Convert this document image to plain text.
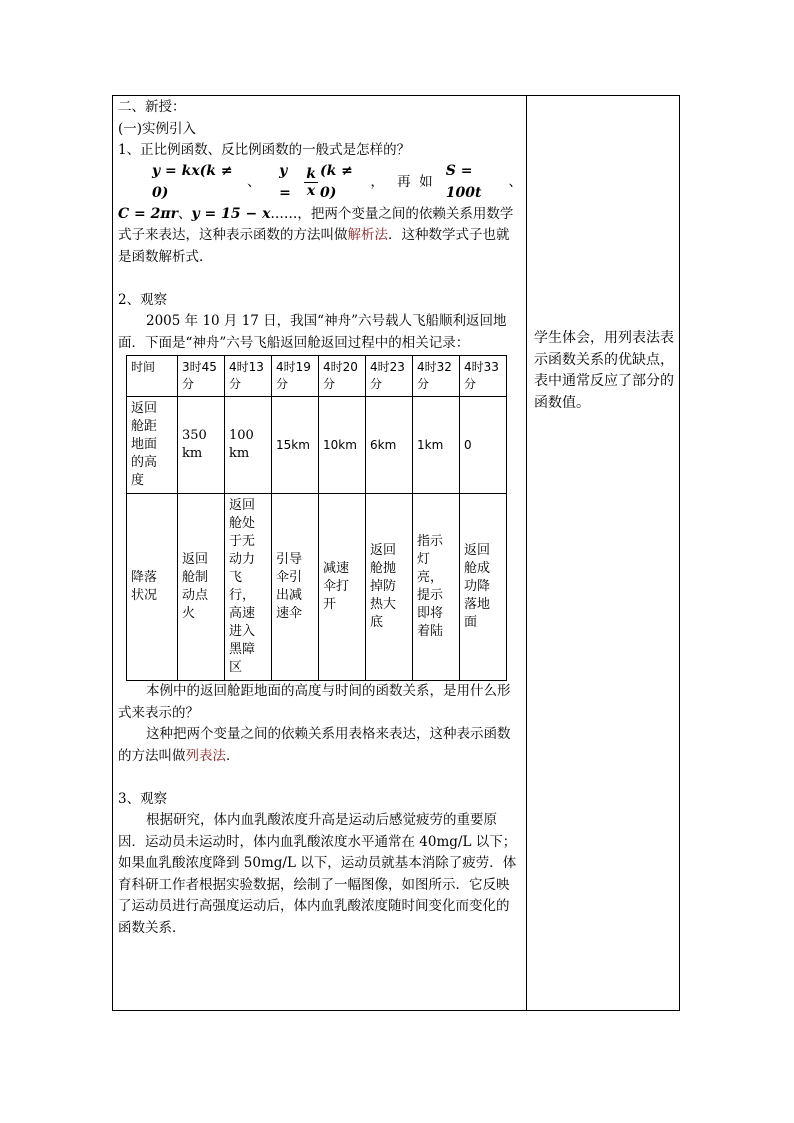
二、新授：

(一)实例引入

1、正比例函数、反比例函数的一般式是怎样的？

y = kx(k ≠ 0)
、
$y = \frac{k}{x} (k \ne 0)$
， 再  如
S = 100t
、

C = 2πr、y = 15 − x……，把两个变量之间的依赖关系用数学式子来表达，这种表示函数的方法叫做解析法．这种数学式子也就是函数解析式．

2、观察

2005 年 10 月 17 日，我国“神舟”六号载人飞船顺利返回地面．下面是“神舟”六号飞船返回舱返回过程中的相关记录：

时间	3时45分	4时13分	4时19分	4时20分	4时23分	4时32分	4时33分

返回舱距地面的高度	350km	100km	15km	10km	6km	1km	0

降落状况	返回舱制动点火	返回舱处于无动力飞行，高速进入黑障区	引导伞引出减速伞	减速伞打开	返回舱抛掉防热大底	指示灯亮，提示即将着陆	返回舱成功降落地面

本例中的返回舱距地面的高度与时间的函数关系，是用什么形式来表示的？

这种把两个变量之间的依赖关系用表格来表达，这种表示函数的方法叫做列表法．

3、观察

根据研究，体内血乳酸浓度升高是运动后感觉疲劳的重要原因．运动员未运动时，体内血乳酸浓度水平通常在 40mg/L 以下；如果血乳酸浓度降到 50mg/L 以下，运动员就基本消除了疲劳．体育科研工作者根据实验数据，绘制了一幅图像，如图所示．它反映了运动员进行高强度运动后，体内血乳酸浓度随时间变化而变化的函数关系．

学生体会，用列表法表示函数关系的优缺点，表中通常反应了部分的函数值。
